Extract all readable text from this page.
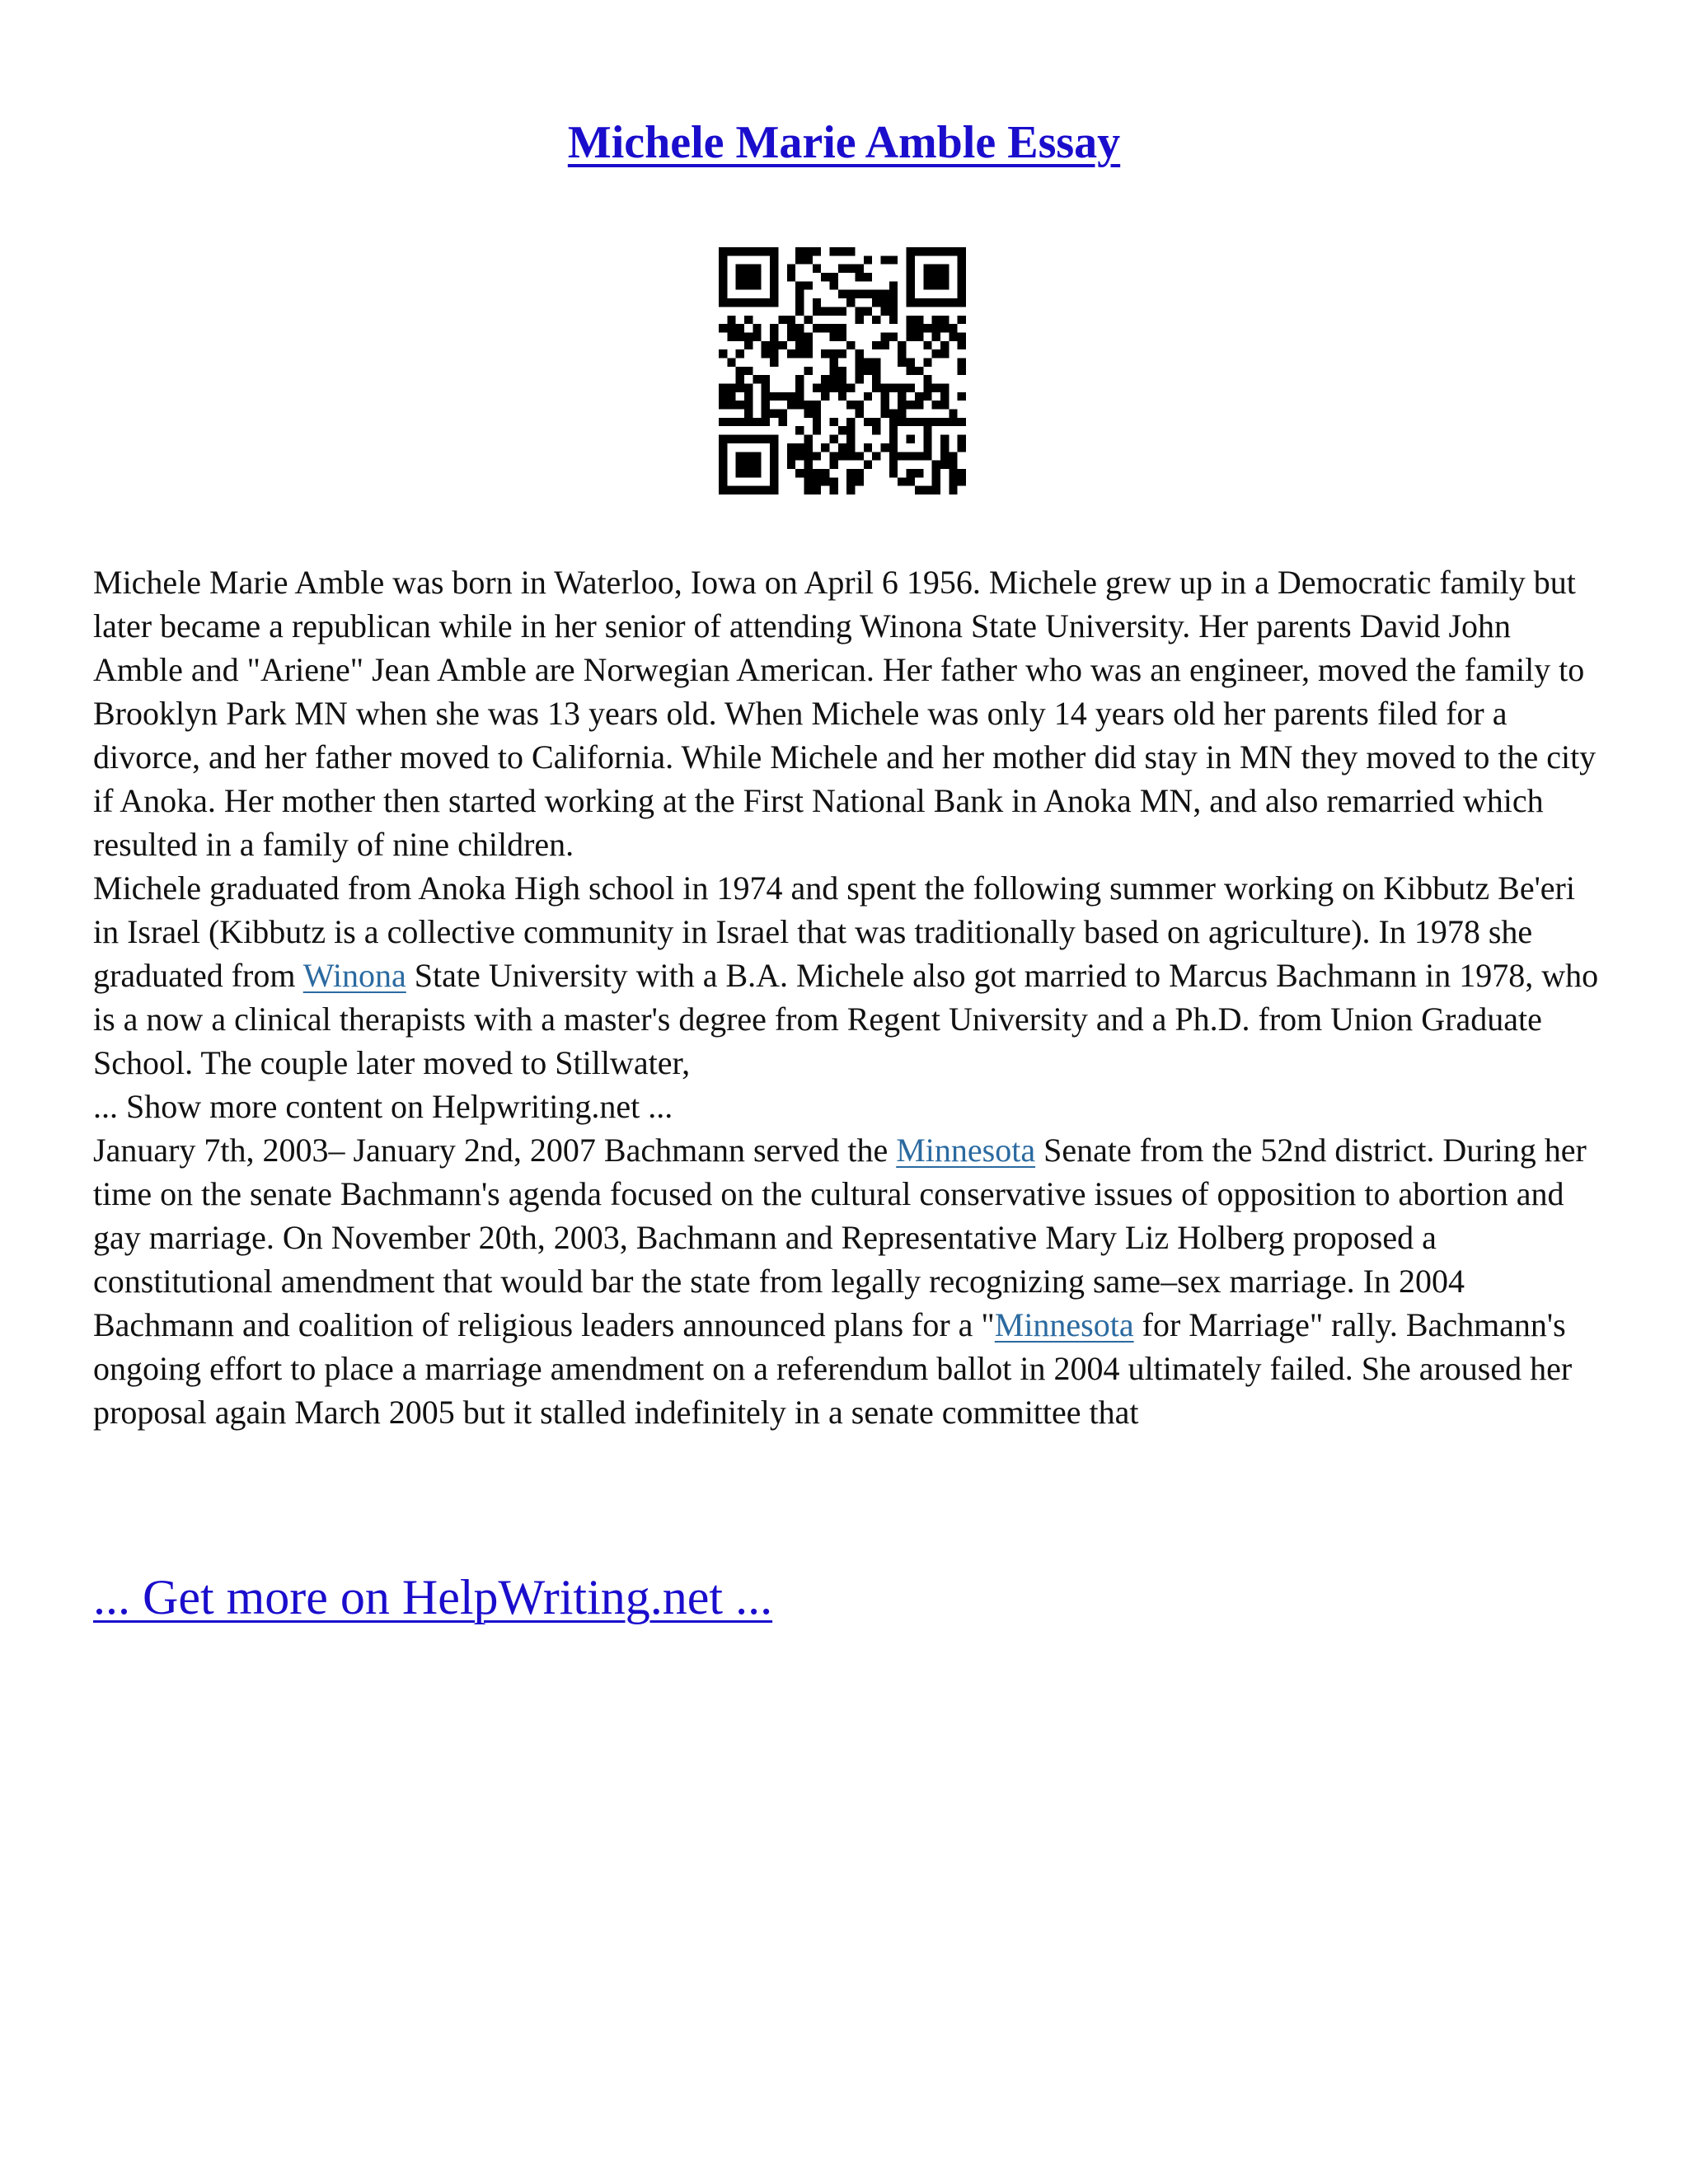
Michele Marie Amble Essay

Michele Marie Amble was born in Waterloo, Iowa on April 6 1956. Michele grew up in a Democratic family but later became a republican while in her senior of attending Winona State University. Her parents David John Amble and "Ariene" Jean Amble are Norwegian American. Her father who was an engineer, moved the family to Brooklyn Park MN when she was 13 years old. When Michele was only 14 years old her parents filed for a divorce, and her father moved to California. While Michele and her mother did stay in MN they moved to the city if Anoka. Her mother then started working at the First National Bank in Anoka MN, and also remarried which resulted in a family of nine children.

Michele graduated from Anoka High school in 1974 and spent the following summer working on Kibbutz Be'eri in Israel (Kibbutz is a collective community in Israel that was traditionally based on agriculture). In 1978 she graduated from Winona State University with a B.A. Michele also got married to Marcus Bachmann in 1978, who is a now a clinical therapists with a master's degree from Regent University and a Ph.D. from Union Graduate School. The couple later moved to Stillwater,

... Show more content on Helpwriting.net ...

January 7th, 2003– January 2nd, 2007 Bachmann served the Minnesota Senate from the 52nd district. During her time on the senate Bachmann's agenda focused on the cultural conservative issues of opposition to abortion and gay marriage. On November 20th, 2003, Bachmann and Representative Mary Liz Holberg proposed a constitutional amendment that would bar the state from legally recognizing same–sex marriage. In 2004 Bachmann and coalition of religious leaders announced plans for a "Minnesota for Marriage" rally. Bachmann's ongoing effort to place a marriage amendment on a referendum ballot in 2004 ultimately failed. She aroused her proposal again March 2005 but it stalled indefinitely in a senate committee that

... Get more on HelpWriting.net ...
